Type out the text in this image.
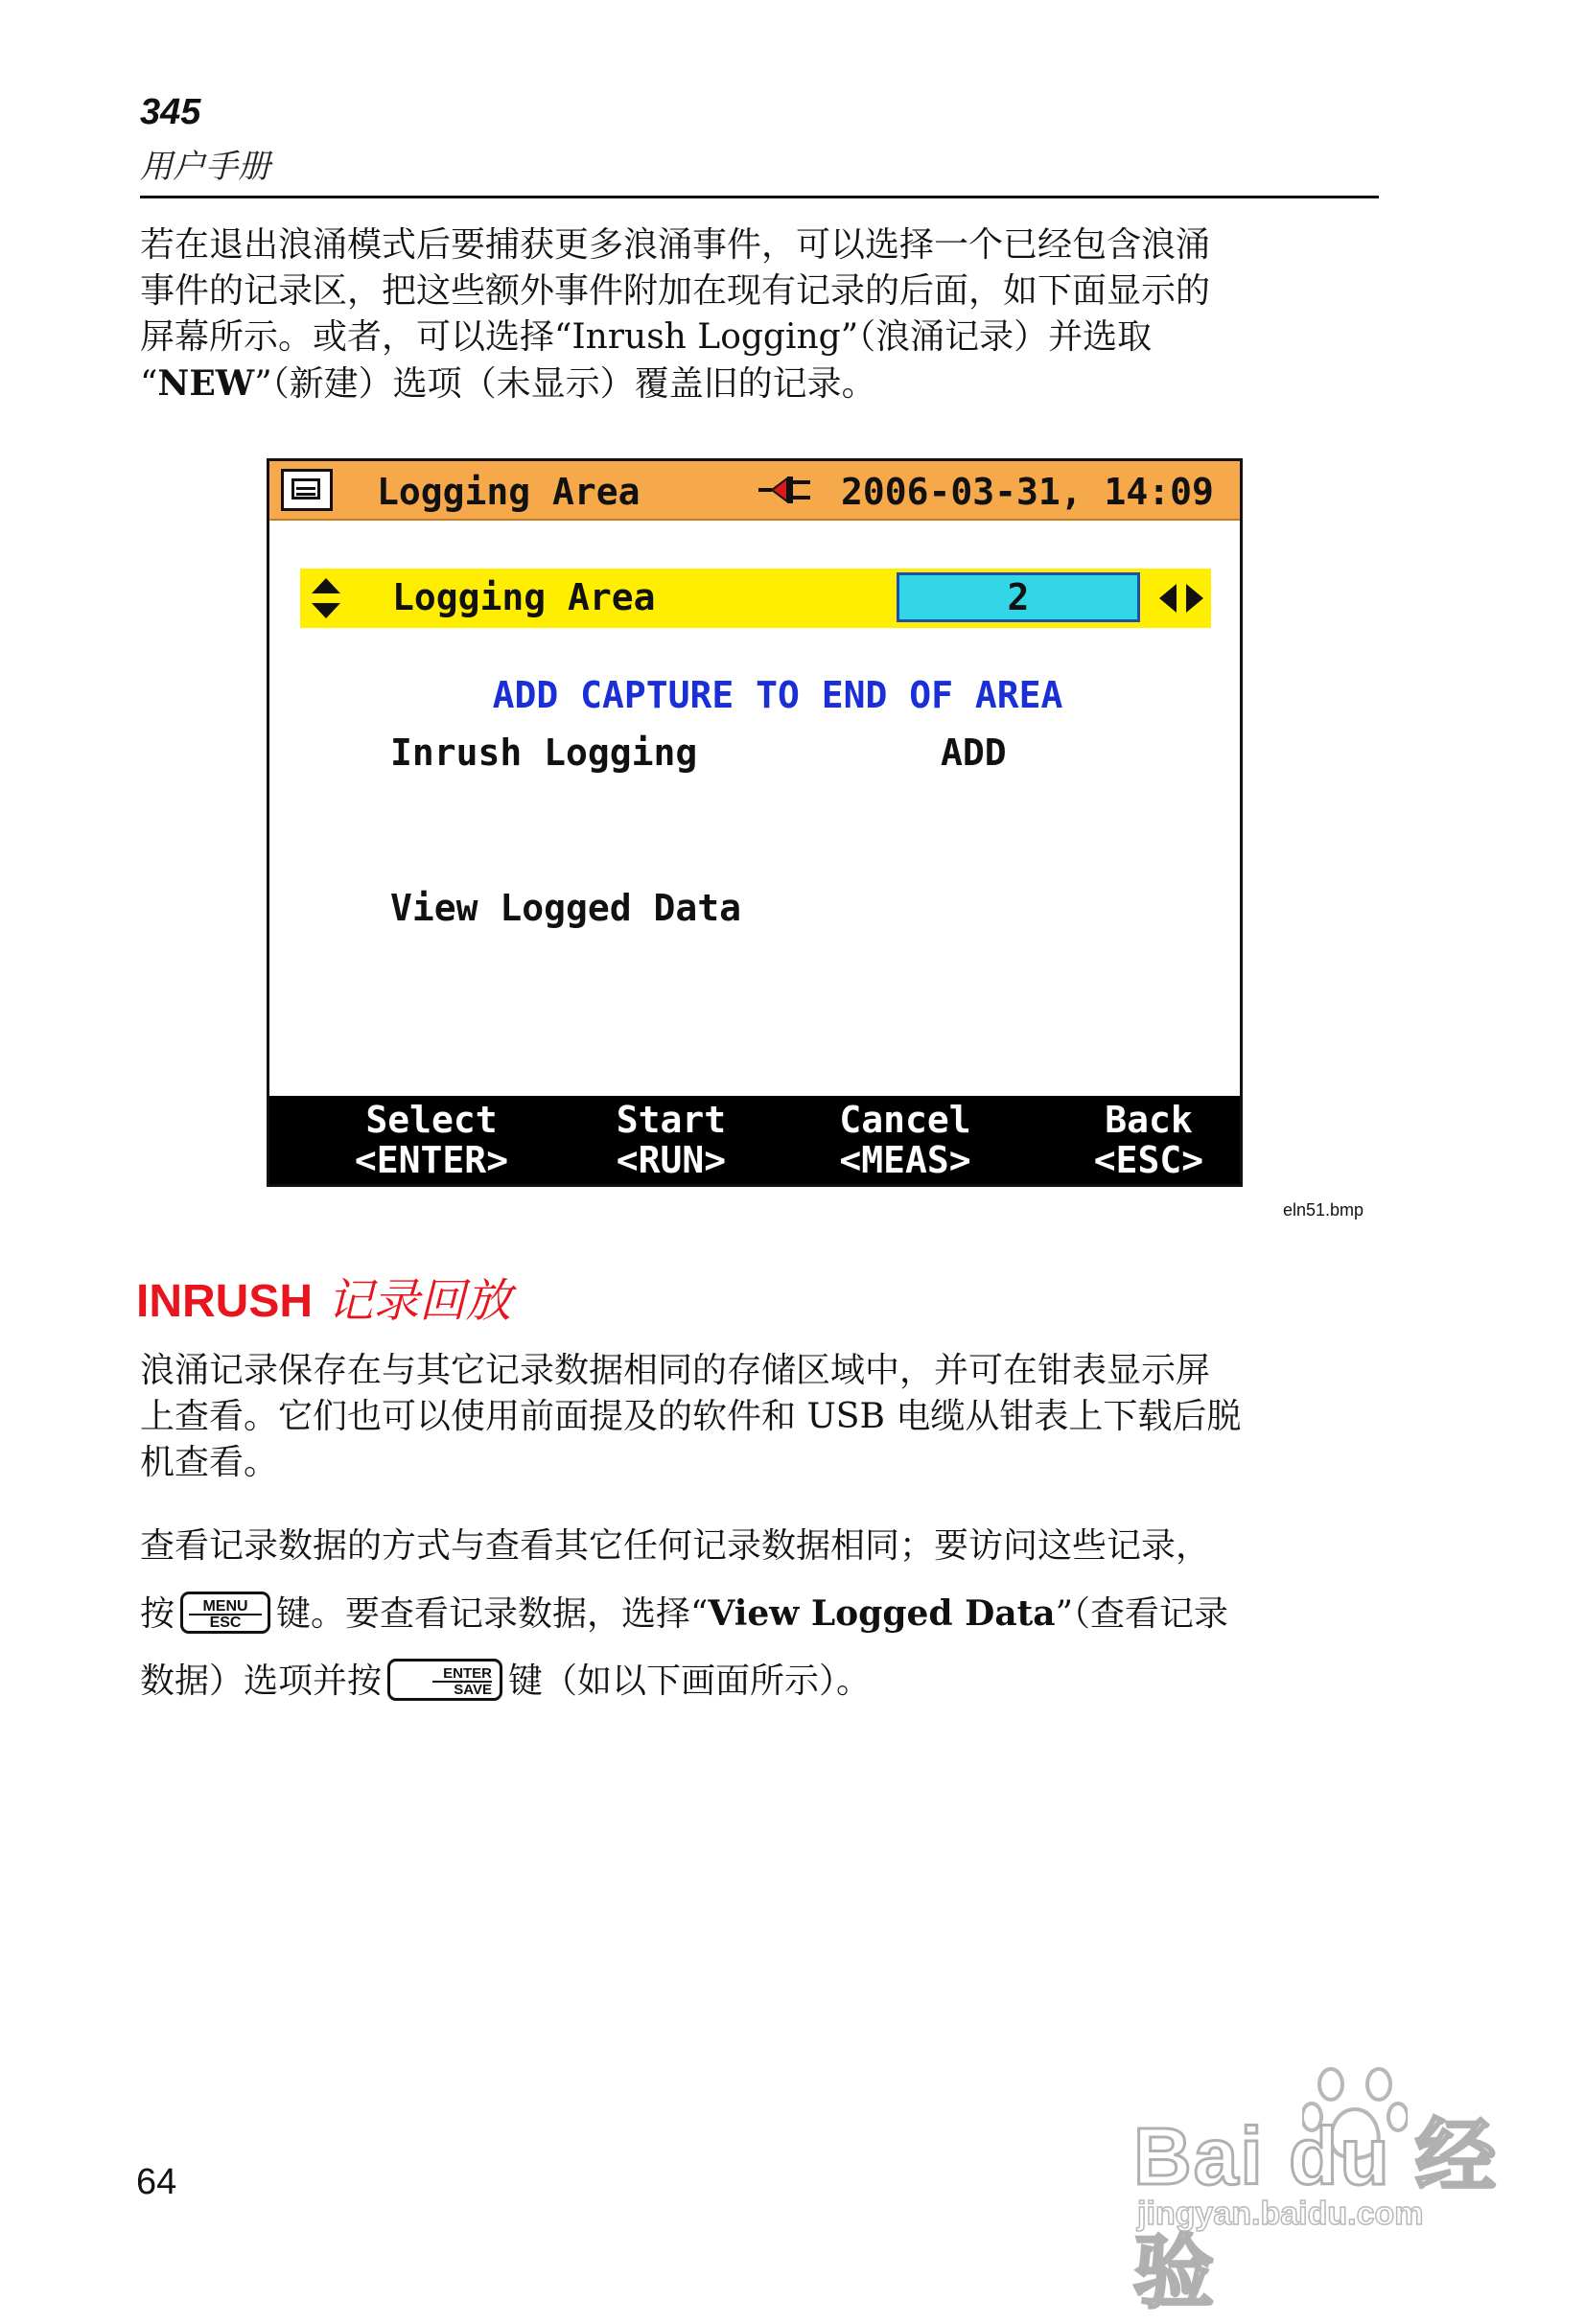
345
用户手册
若在退出浪涌模式后要捕获更多浪涌事件，可以选择一个已经包含浪涌
事件的记录区，把这些额外事件附加在现有记录的后面，如下面显示的
屏幕所示。或者，可以选择“Inrush Logging”（浪涌记录）并选取
“NEW”（新建）选项（未显示）覆盖旧的记录。
Logging Area	2006-03-31, 14:09
Logging Area	2
ADD CAPTURE TO END OF AREA
Inrush Logging	ADD
View Logged Data
Select
<ENTER>
Start
<RUN>
Cancel
<MEAS>
Back
<ESC>
eln51.bmp
INRUSH 记录回放
浪涌记录保存在与其它记录数据相同的存储区域中，并可在钳表显示屏
上查看。它们也可以使用前面提及的软件和 USB 电缆从钳表上下载后脱
机查看。
查看记录数据的方式与查看其它任何记录数据相同；要访问这些记录，
按	MENU
ESC	键。要查看记录数据，选择“View Logged Data”（查看记录
数据）选项并按	ENTER
SAVE 键（如以下画面所示）。
64	Bai du 经验
jingyan.baidu.com
